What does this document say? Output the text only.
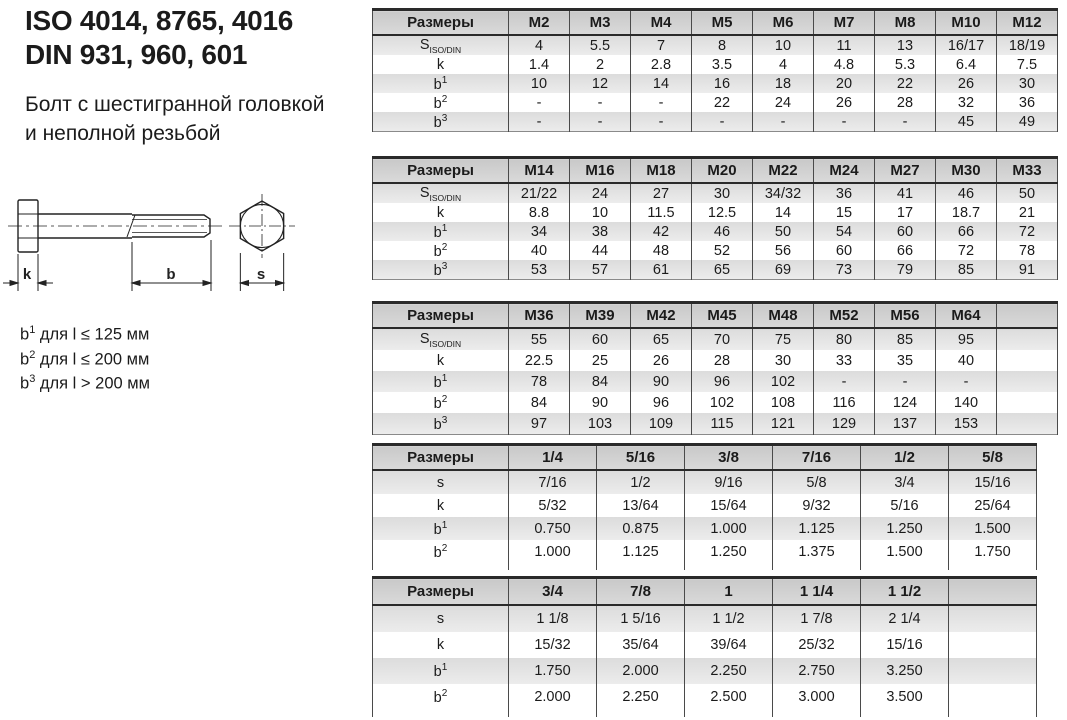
ISO 4014, 8765, 4016
DIN 931, 960, 601
Болт с шестигранной головкой
и неполной резьбой
k	b	s
$b^1$ для l ≤ 125 мм
$b^2$ для l ≤ 200 мм
$b^3$ для l > 200 мм
Размеры	M2	M3	M4	M5	M6	M7	M8	M10	M12
$S_{ISO/DIN}$	4	5.5	7	8	10	11	13	16/17	18/19
k	1.4	2	2.8	3.5	4	4.8	5.3	6.4	7.5
$b^1$	10	12	14	16	18	20	22	26	30
$b^2$	-	-	-	22	24	26	28	32	36
$b^3$	-	-	-	-	-	-	-	45	49
Размеры	M14	M16	M18	M20	M22	M24	M27	M30	M33
$S_{ISO/DIN}$	21/22	24	27	30	34/32	36	41	46	50
k	8.8	10	11.5	12.5	14	15	17	18.7	21
$b^1$	34	38	42	46	50	54	60	66	72
$b^2$	40	44	48	52	56	60	66	72	78
$b^3$	53	57	61	65	69	73	79	85	91
Размеры	M36	M39	M42	M45	M48	M52	M56	M64	
$S_{ISO/DIN}$	55	60	65	70	75	80	85	95	
k	22.5	25	26	28	30	33	35	40	
$b^1$	78	84	90	96	102	-	-	-	
$b^2$	84	90	96	102	108	116	124	140	
$b^3$	97	103	109	115	121	129	137	153	
Размеры	1/4	5/16	3/8	7/16	1/2	5/8
s	7/16	1/2	9/16	5/8	3/4	15/16
k	5/32	13/64	15/64	9/32	5/16	25/64
$b^1$	0.750	0.875	1.000	1.125	1.250	1.500
$b^2$	1.000	1.125	1.250	1.375	1.500	1.750

Размеры	3/4	7/8	1	1 1/4	1 1/2	
s	1 1/8	1 5/16	1 1/2	1 7/8	2 1/4	
k	15/32	35/64	39/64	25/32	15/16	
$b^1$	1.750	2.000	2.250	2.750	3.250	
$b^2$	2.000	2.250	2.500	3.000	3.500	
